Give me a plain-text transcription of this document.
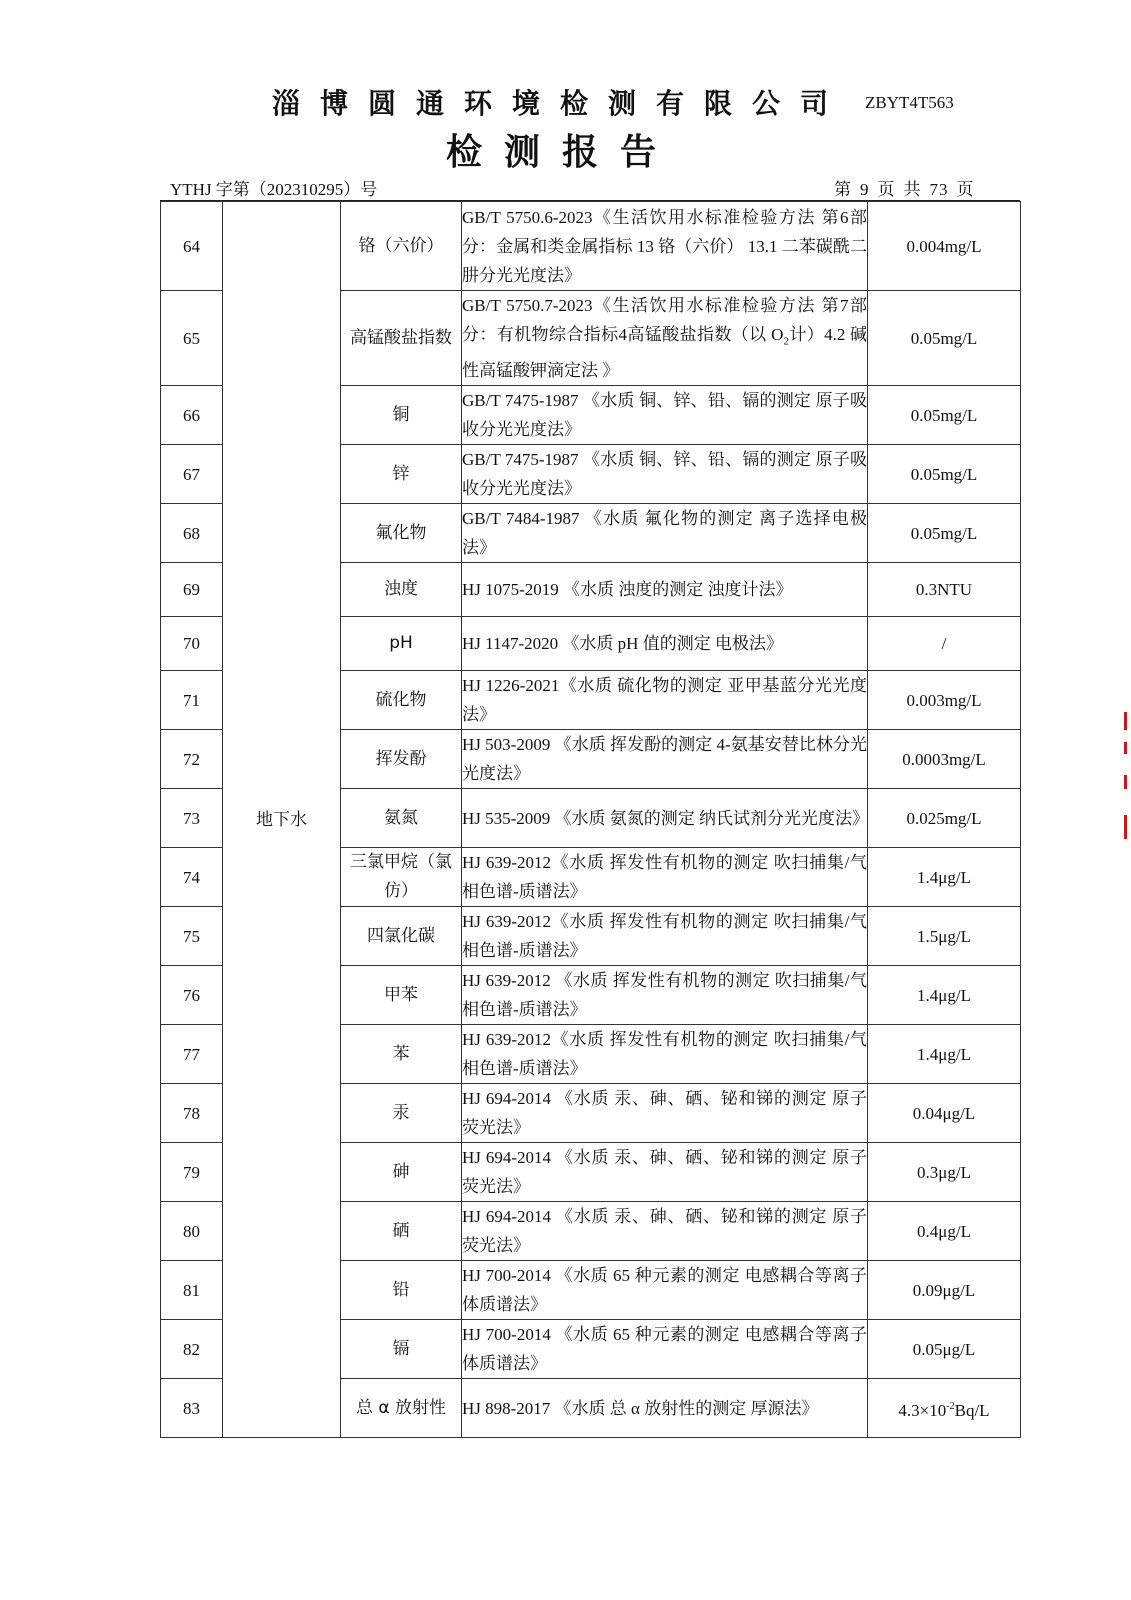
淄博圆通环境检测有限公司 ZBYT4T563
检测报告
YTHJ 字第（202310295）号	第 9 页 共 73 页
64	地下水	铬（六价）	GB/T 5750.6-2023《生活饮用水标准检验方法 第6部分：金属和类金属指标 13 铬（六价） 13.1 二苯碳酰二肼分光光度法》	0.004mg/L
65		高锰酸盐指数	GB/T 5750.7-2023《生活饮用水标准检验方法 第7部分：有机物综合指标4高锰酸盐指数（以 $O_2$计）4.2 碱性高锰酸钾滴定法 》	0.05mg/L
66		铜	GB/T 7475-1987 《水质 铜、锌、铅、镉的测定 原子吸收分光光度法》	0.05mg/L
67		锌	GB/T 7475-1987 《水质 铜、锌、铅、镉的测定 原子吸收分光光度法》	0.05mg/L
68		氟化物	GB/T 7484-1987 《水质 氟化物的测定 离子选择电极法》	0.05mg/L
69		浊度	HJ 1075-2019 《水质 浊度的测定 浊度计法》	0.3NTU
70		pH	HJ 1147-2020 《水质 pH 值的测定 电极法》	/
71		硫化物	HJ 1226-2021《水质 硫化物的测定 亚甲基蓝分光光度法》	0.003mg/L
72		挥发酚	HJ 503-2009 《水质 挥发酚的测定 4-氨基安替比林分光光度法》	0.0003mg/L
73		氨氮	HJ 535-2009 《水质 氨氮的测定 纳氏试剂分光光度法》	0.025mg/L
74		三氯甲烷（氯仿）	HJ 639-2012《水质 挥发性有机物的测定 吹扫捕集/气相色谱-质谱法》	1.4μg/L
75		四氯化碳	HJ 639-2012《水质 挥发性有机物的测定 吹扫捕集/气相色谱-质谱法》	1.5μg/L
76		甲苯	HJ 639-2012 《水质 挥发性有机物的测定 吹扫捕集/气相色谱-质谱法》	1.4μg/L
77		苯	HJ 639-2012《水质 挥发性有机物的测定 吹扫捕集/气相色谱-质谱法》	1.4μg/L
78		汞	HJ 694-2014 《水质 汞、砷、硒、铋和锑的测定 原子荧光法》	0.04μg/L
79		砷	HJ 694-2014 《水质 汞、砷、硒、铋和锑的测定 原子荧光法》	0.3μg/L
80		硒	HJ 694-2014 《水质 汞、砷、硒、铋和锑的测定 原子荧光法》	0.4μg/L
81		铅	HJ 700-2014 《水质 65 种元素的测定 电感耦合等离子体质谱法》	0.09μg/L
82		镉	HJ 700-2014 《水质 65 种元素的测定 电感耦合等离子体质谱法》	0.05μg/L
83		总 α 放射性	HJ 898-2017 《水质 总 α 放射性的测定 厚源法》	$4.3\times 10^{-2}Bq/L$
